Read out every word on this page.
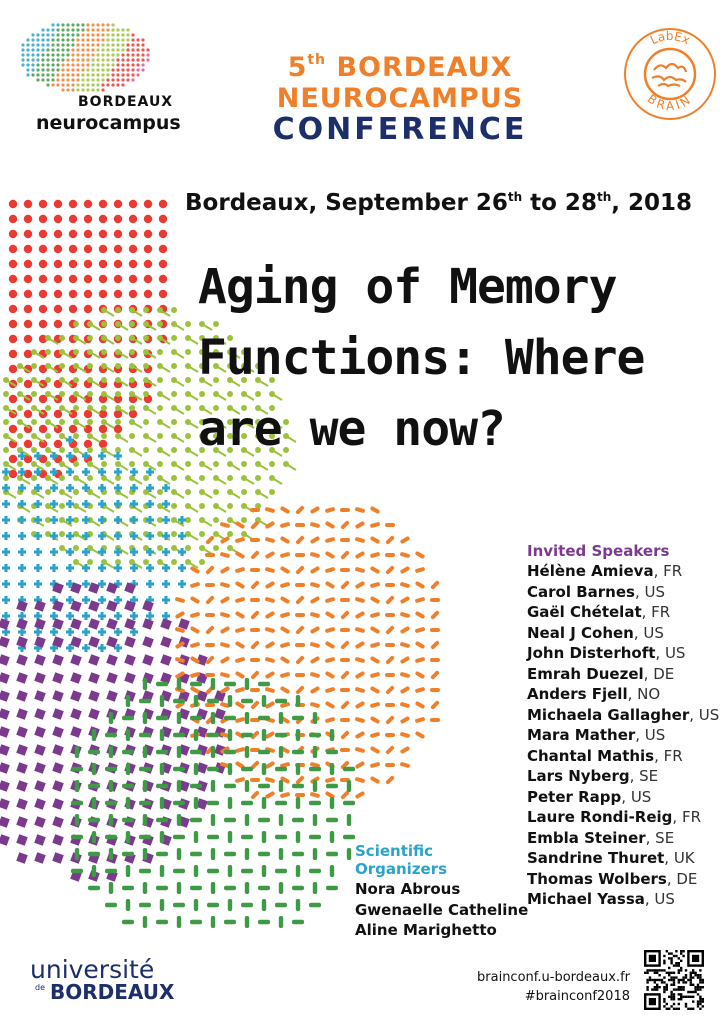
BORDEAUX
neurocampus
5th BORDEAUX NEUROCAMPUS
CONFERENCE
LabEx
BRAIN
Bordeaux, September 26th to 28th, 2018
Aging of Memory
Functions: Where
are we now?
Invited Speakers
Hélène Amieva, FR
Carol Barnes, US
Gaël Chételat, FR
Neal J Cohen, US
John Disterhoft, US
Emrah Duezel, DE
Anders Fjell, NO
Michaela Gallagher, US
Mara Mather, US
Chantal Mathis, FR
Lars Nyberg, SE
Peter Rapp, US
Laure Rondi-Reig, FR
Embla Steiner, SE
Sandrine Thuret, UK
Thomas Wolbers, DE
Michael Yassa, US
Scientific Organizers
Nora Abrous
Gwenaelle Catheline
Aline Marighetto
université
de BORDEAUX
brainconf.u-bordeaux.fr
#brainconf2018
